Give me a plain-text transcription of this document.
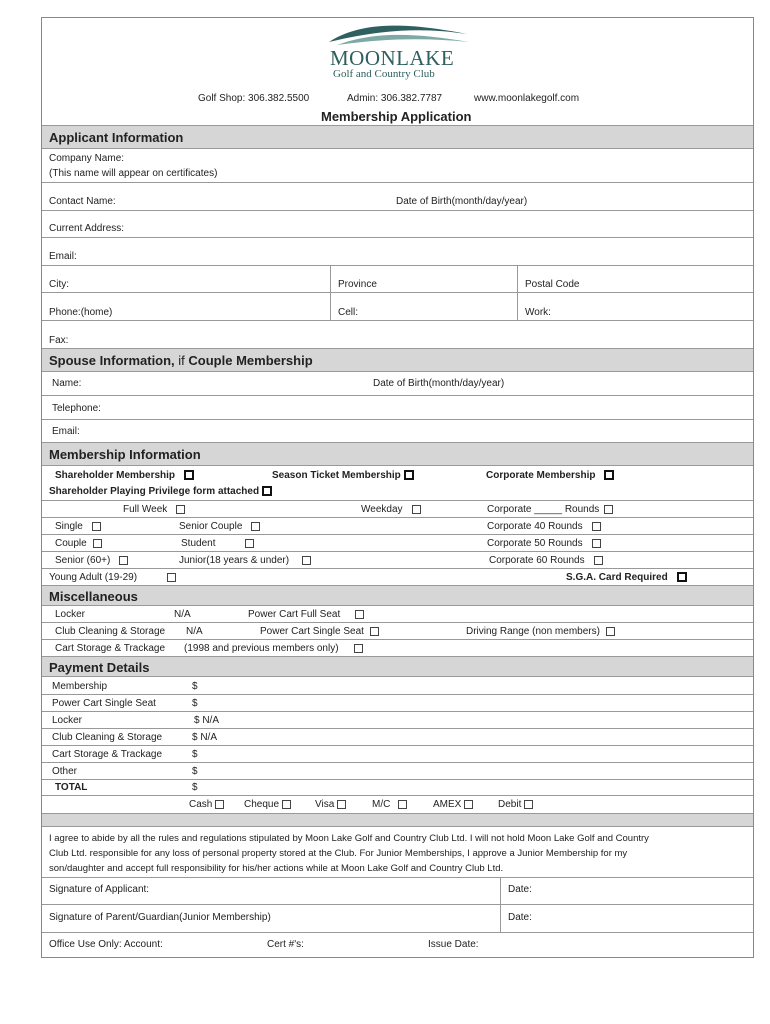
MOONLAKE
Golf and Country Club
Golf Shop: 306.382.5500	Admin: 306.382.7787	www.moonlakegolf.com
Membership Application
Applicant Information
Company Name:
(This name will appear on certificates)
Contact Name:	Date of Birth(month/day/year)
Current Address:
Email:
City:	Province	Postal Code
Phone:(home)	Cell:	Work:
Fax:
Spouse Information, if Couple Membership
Name:	Date of Birth(month/day/year)
Telephone:
Email:
Membership Information
Shareholder Membership	Season Ticket Membership	Corporate Membership
Shareholder Playing Privilege form attached
Full Week	Weekday	Corporate _____ Rounds
Single	Senior Couple	Corporate 40 Rounds
Couple	Student	Corporate 50 Rounds
Senior (60+)	Junior(18 years & under)	Corporate 60 Rounds
Young Adult (19-29)	S.G.A. Card Required
Miscellaneous
Locker	N/A	Power Cart Full Seat
Club Cleaning & Storage N/A	Power Cart Single Seat	Driving Range (non members)
Cart Storage & Trackage (1998 and previous members only)
Payment Details
Membership	$
Power Cart Single Seat	$
Locker	$ N/A
Club Cleaning & Storage	$ N/A
Cart Storage & Trackage	$
Other	$
TOTAL	$
Cash	Cheque	Visa	M/C	AMEX	Debit
I agree to abide by all the rules and regulations stipulated by Moon Lake Golf and Country Club Ltd. I will not hold Moon Lake Golf and Country
Club Ltd. responsible for any loss of personal property stored at the Club. For Junior Memberships, I approve a Junior Membership for my
son/daughter and accept full responsibility for his/her actions while at Moon Lake Golf and Country Club Ltd.
Signature of Applicant:	Date:
Signature of Parent/Guardian(Junior Membership)	Date:
Office Use Only: Account:	Cert #'s:	Issue Date:
